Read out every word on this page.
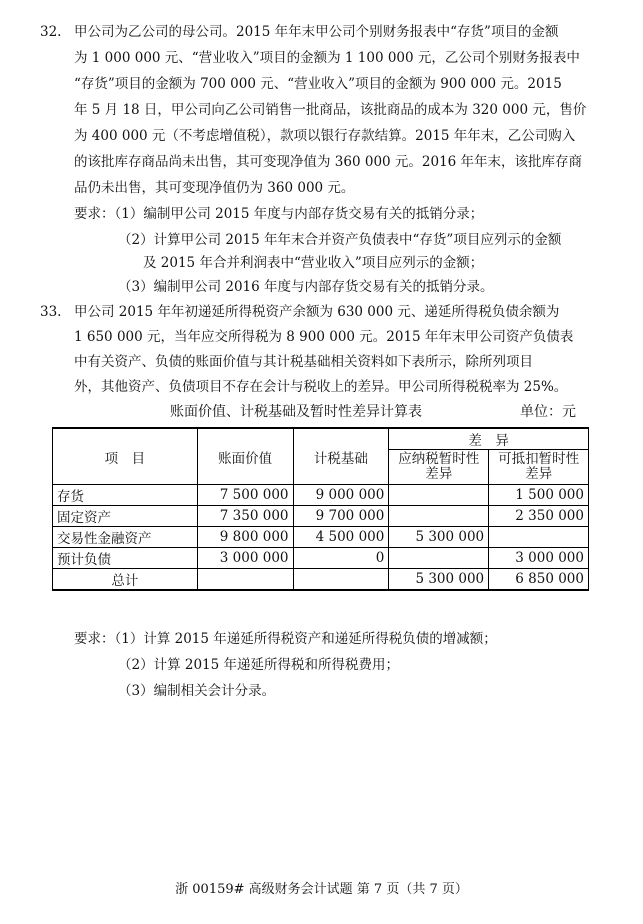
32. 甲公司为乙公司的母公司。2015 年年末甲公司个别财务报表中“存货”项目的金额
为 1 000 000 元、“营业收入”项目的金额为 1 100 000 元，乙公司个别财务报表中
“存货”项目的金额为 700 000 元、“营业收入”项目的金额为 900 000 元。2015
年 5 月 18 日，甲公司向乙公司销售一批商品，该批商品的成本为 320 000 元，售价
为 400 000 元（不考虑增值税），款项以银行存款结算。2015 年年末，乙公司购入
的该批库存商品尚未出售，其可变现净值为 360 000 元。2016 年年末，该批库存商
品仍未出售，其可变现净值仍为 360 000 元。
要求：（1）编制甲公司 2015 年度与内部存货交易有关的抵销分录；
（2）计算甲公司 2015 年年末合并资产负债表中“存货”项目应列示的金额
及 2015 年合并利润表中“营业收入”项目应列示的金额；
（3）编制甲公司 2016 年度与内部存货交易有关的抵销分录。
33. 甲公司 2015 年年初递延所得税资产余额为 630 000 元、递延所得税负债余额为
1 650 000 元，当年应交所得税为 8 900 000 元。2015 年年末甲公司资产负债表
中有关资产、负债的账面价值与其计税基础相关资料如下表所示，除所列项目
外，其他资产、负债项目不存在会计与税收上的差异。甲公司所得税税率为 25%。
账面价值、计税基础及暂时性差异计算表	单位：元
项　目	账面价值	计税基础	差　异	
			应纳税暂时性差异	可抵扣暂时性差异
存货	7 500 000	9 000 000		1 500 000
固定资产	7 350 000	9 700 000		2 350 000
交易性金融资产	9 800 000	4 500 000	5 300 000	
预计负债	3 000 000	0		3 000 000
总计			5 300 000	6 850 000
要求：（1）计算 2015 年递延所得税资产和递延所得税负债的增减额；
（2）计算 2015 年递延所得税和所得税费用；
（3）编制相关会计分录。
浙 00159# 高级财务会计试题 第 7 页（共 7 页）
